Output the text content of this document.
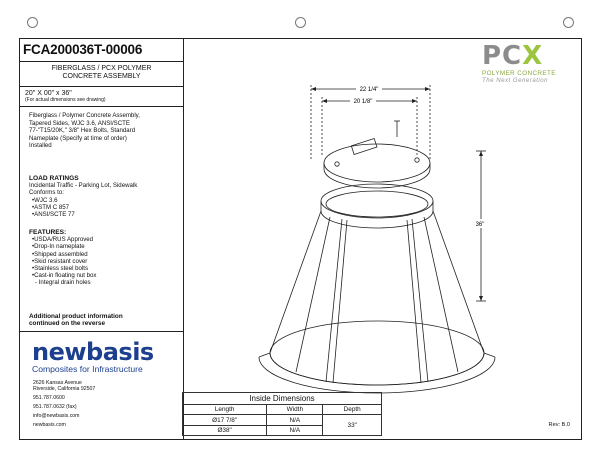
FCA200036T-00006
FIBERGLASS / PCX POLYMER
CONCRETE ASSEMBLY
20" X 00" x 36"
(For actual dimensions see drawing)
Fiberglass / Polymer Concrete Assembly,
Tapered Sides, WJC 3.6, ANSI/SCTE
77-"T15/20K," 3/8" Hex Bolts, Standard
Nameplate (Specify at time of order)
Installed
LOAD RATINGS
Incidental Traffic - Parking Lot, Sidewalk
Conforms to:
• WJC 3.6
• ASTM C 857
• ANSI/SCTE 77
FEATURES:
• USDA/RUS Approved
• Drop-In nameplate
• Shipped assembled
• Skid resistant cover
• Stainless steel bolts
• Cast-in floating nut box
- Integral drain holes
Additional product information
continued on the reverse
newbasis
Composites for Infrastructure
2626 Kansas Avenue
Riverside, California 92507
951.787.0600
951.787.0632 (fax)
info@newbasis.com
newbasis.com
PCX
POLYMER CONCRETE
The Next Generation
22 1/4"
20 1/8"
36"
Inside Dimensions		
Length	Width	Depth
Ø17 7/8"	N/A	33"
Ø38"	N/A	
Rev: B.0
